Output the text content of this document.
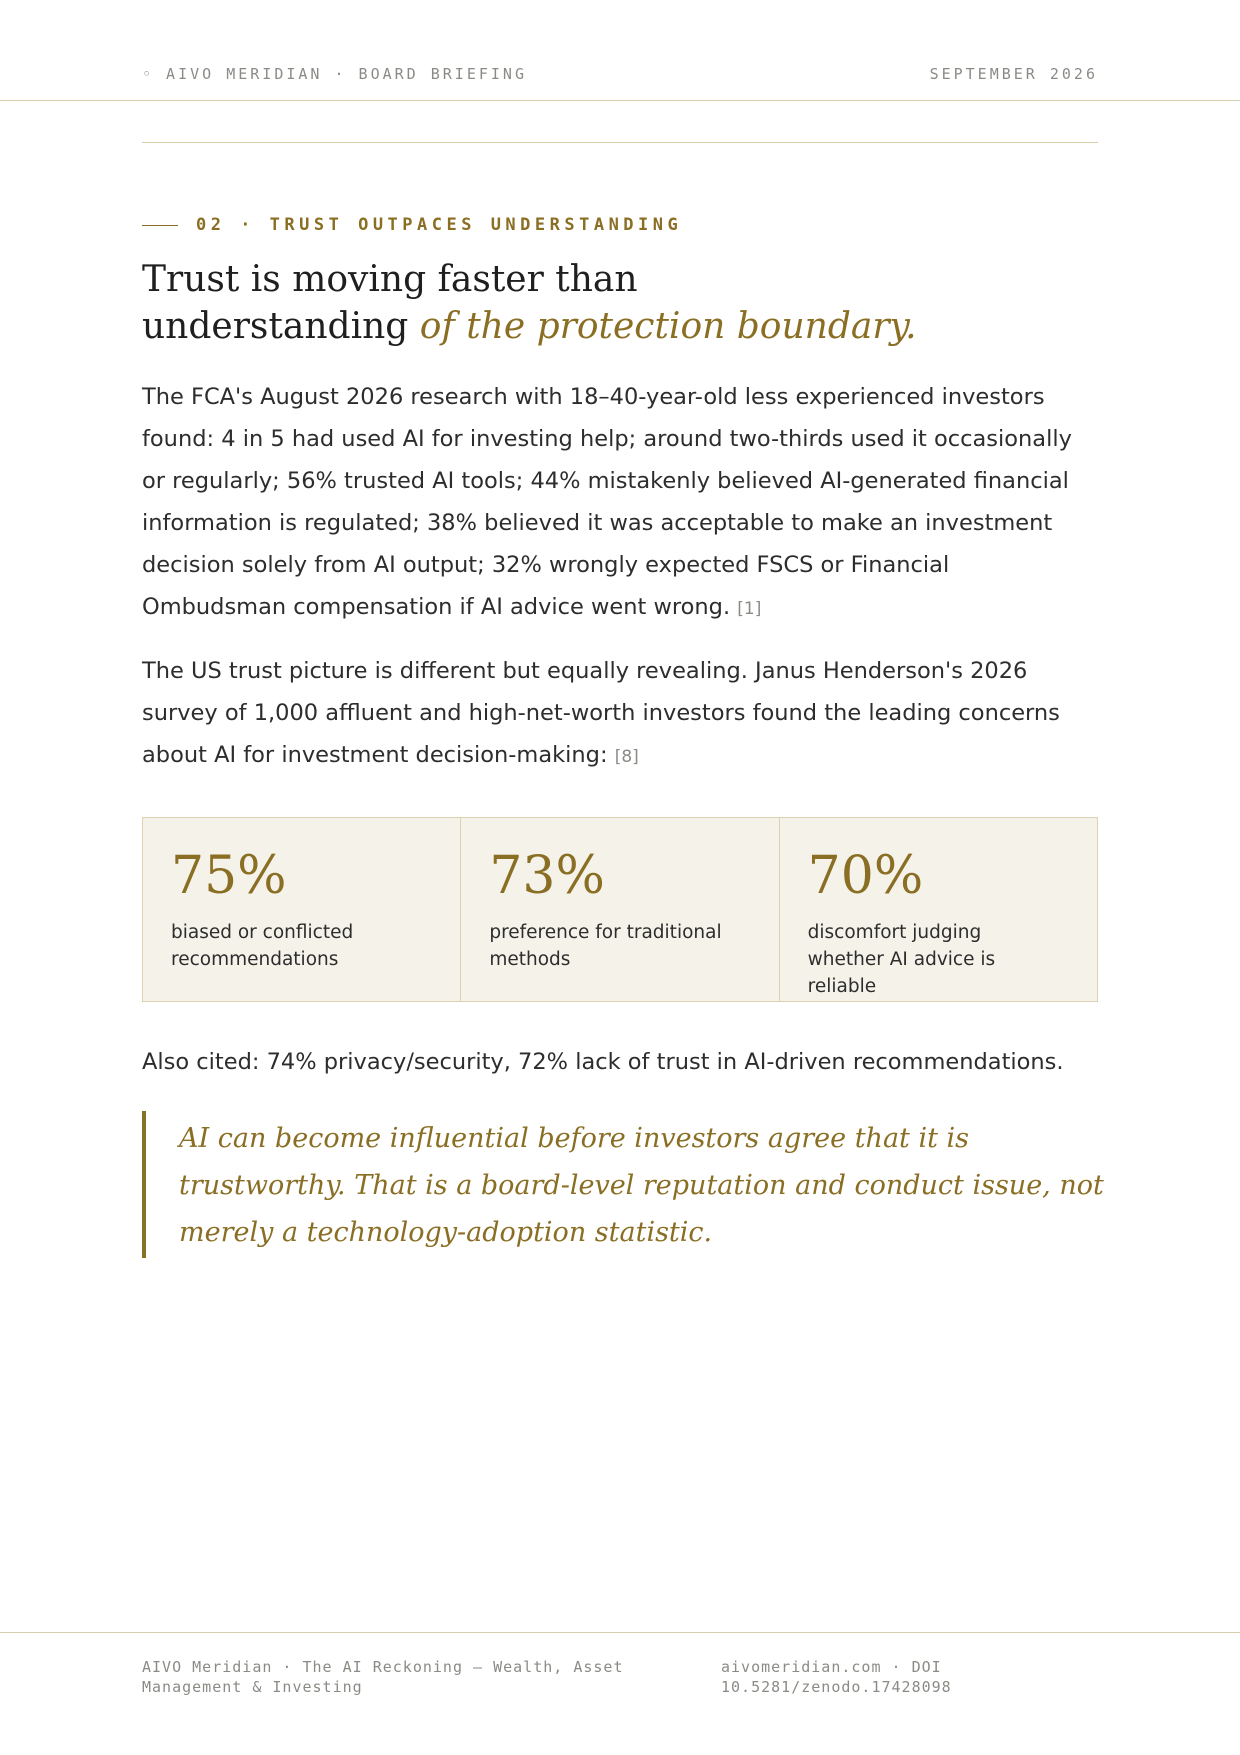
◦ AIVO MERIDIAN · BOARD BRIEFING	SEPTEMBER 2026
02 · TRUST OUTPACES UNDERSTANDING
Trust is moving faster than
understanding of the protection boundary.

The FCA's August 2026 research with 18–40-year-old less experienced investors found: 4 in 5 had used AI for investing help; around two-thirds used it occasionally or regularly; 56% trusted AI tools; 44% mistakenly believed AI-generated financial information is regulated; 38% believed it was acceptable to make an investment decision solely from AI output; 32% wrongly expected FSCS or Financial Ombudsman compensation if AI advice went wrong. [1]

The US trust picture is different but equally revealing. Janus Henderson's 2026 survey of 1,000 affluent and high-net-worth investors found the leading concerns about AI for investment decision-making: [8]

75%
biased or conflicted recommendations
73%
preference for traditional methods
70%
discomfort judging whether AI advice is reliable

Also cited: 74% privacy/security, 72% lack of trust in AI-driven recommendations.

AI can become influential before investors agree that it is trustworthy. That is a board-level reputation and conduct issue, not merely a technology-adoption statistic.

AIVO Meridian · The AI Reckoning — Wealth, Asset Management & Investing
aivomeridian.com · DOI 10.5281/zenodo.17428098
